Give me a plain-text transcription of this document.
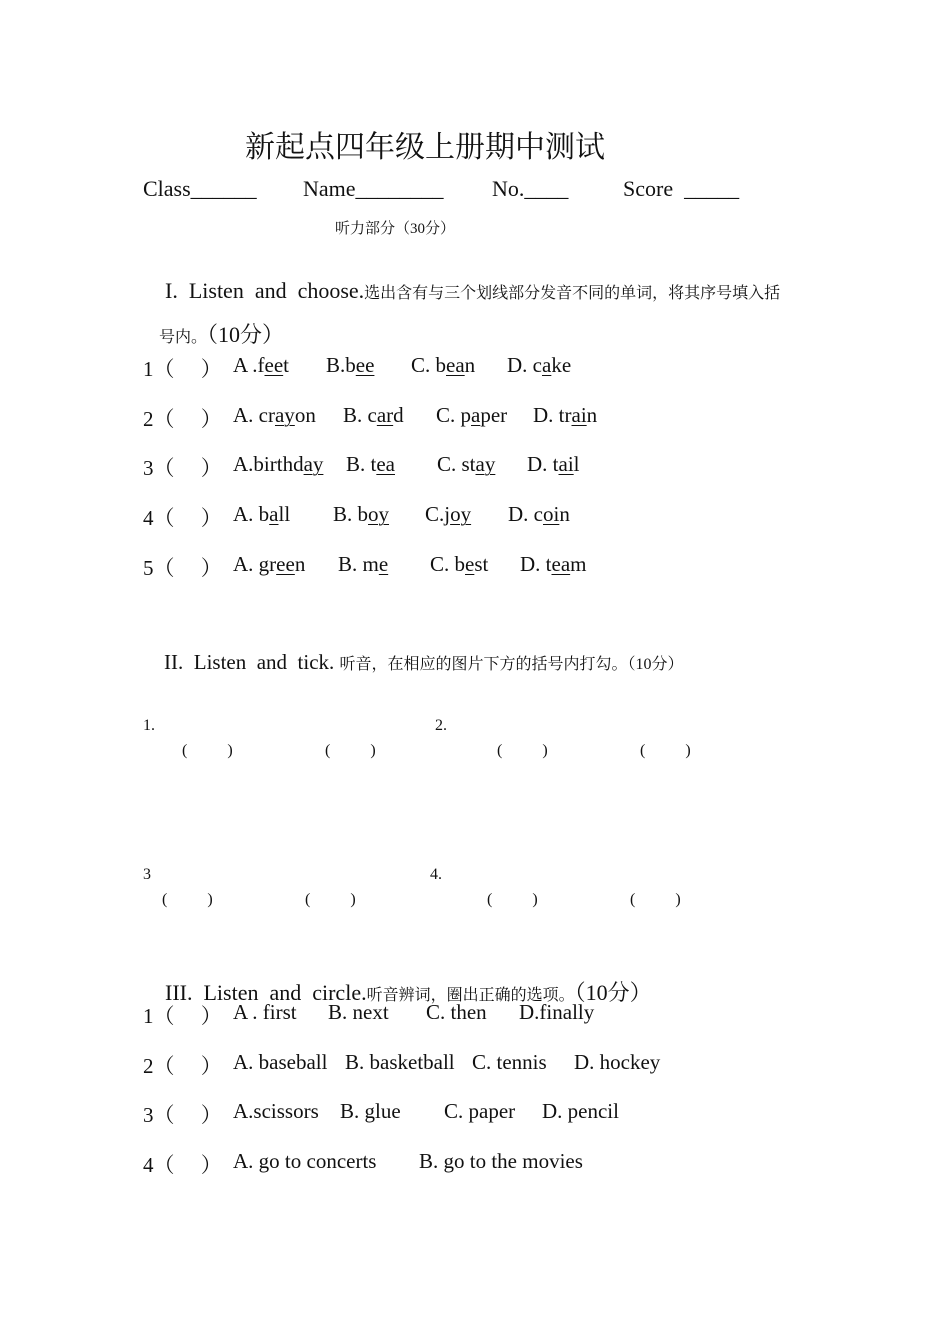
新起点四年级上册期中测试
Class______ Name________ No.____ Score  _____
听力部分（30分）

I.  Listen  and  choose.选出含有与三个划线部分发音不同的单词，将其序号填入括

号内。（10分）

1（     ） A .feet B.bee C. bean D. cake
2（     ） A. crayon B. card C. paper D. train
3（     ） A.birthday B. tea C. stay D. tail
4（     ） A. ball B. boy C.joy D. coin
5（     ） A. green B. me C. best D. team

II.  Listen  and  tick. 听音，在相应的图片下方的括号内打勾。（10分）

1.	2.
(          )	(          )	(          )	(          )
3	4.
(          )	(          )	(          )	(          )

III.  Listen  and  circle.听音辨词，圈出正确的选项。（10分）

1（     ） A . first B. next C. then D.finally
2（     ） A. baseball B. basketball C. tennis D. hockey
3（     ） A.scissors B. glue C. paper D. pencil
4（     ） A. go to concerts B. go to the movies
